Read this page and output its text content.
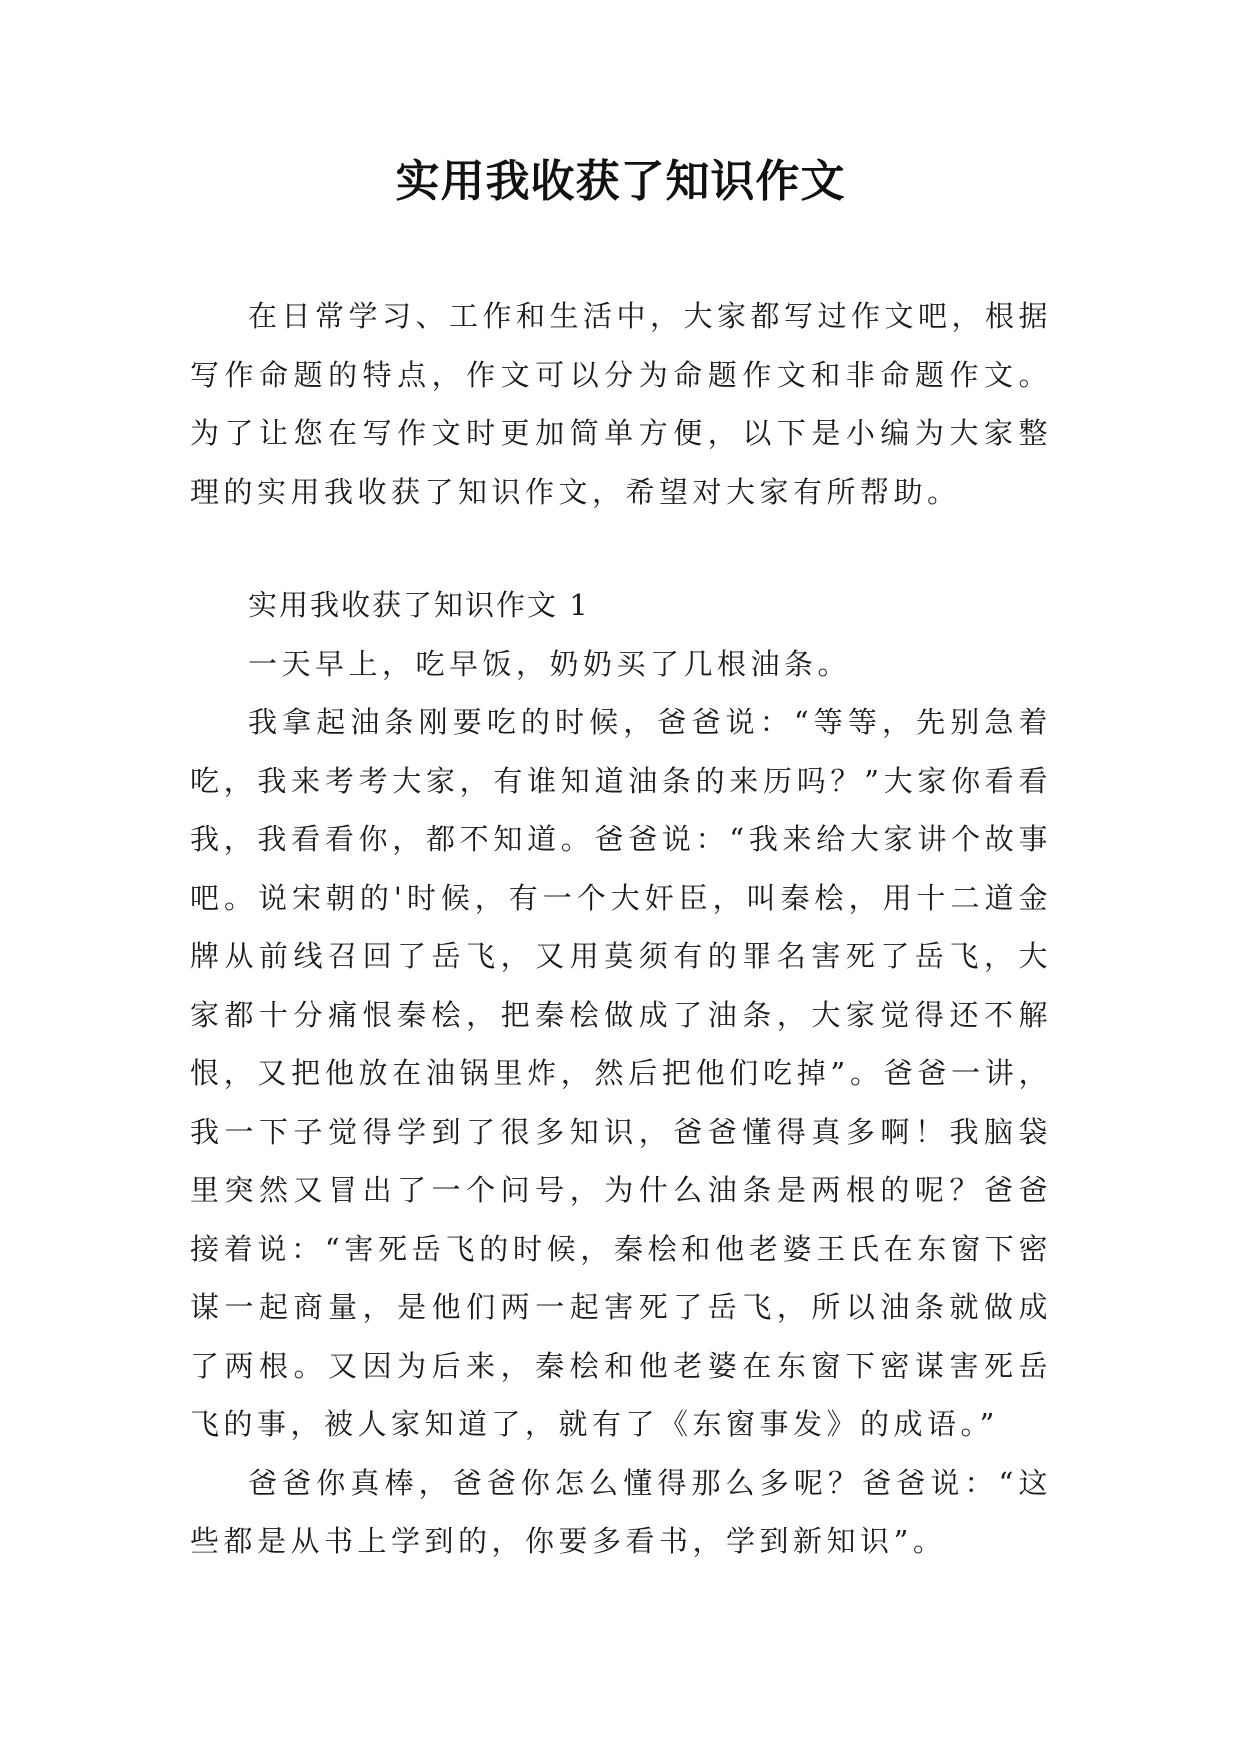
实用我收获了知识作文

在日常学习、工作和生活中，大家都写过作文吧，根据写作命题的特点，作文可以分为命题作文和非命题作文。为了让您在写作文时更加简单方便，以下是小编为大家整理的实用我收获了知识作文，希望对大家有所帮助。

实用我收获了知识作文 1

一天早上，吃早饭，奶奶买了几根油条。

我拿起油条刚要吃的时候，爸爸说：“等等，先别急着吃，我来考考大家，有谁知道油条的来历吗？”大家你看看我，我看看你，都不知道。爸爸说：“我来给大家讲个故事吧。说宋朝的'时候，有一个大奸臣，叫秦桧，用十二道金牌从前线召回了岳飞，又用莫须有的罪名害死了岳飞，大家都十分痛恨秦桧，把秦桧做成了油条，大家觉得还不解恨，又把他放在油锅里炸，然后把他们吃掉”。爸爸一讲，我一下子觉得学到了很多知识，爸爸懂得真多啊！我脑袋里突然又冒出了一个问号，为什么油条是两根的呢？爸爸接着说：“害死岳飞的时候，秦桧和他老婆王氏在东窗下密谋一起商量，是他们两一起害死了岳飞，所以油条就做成了两根。又因为后来，秦桧和他老婆在东窗下密谋害死岳飞的事，被人家知道了，就有了《东窗事发》的成语。”

爸爸你真棒，爸爸你怎么懂得那么多呢？爸爸说：“这些都是从书上学到的，你要多看书，学到新知识”。
